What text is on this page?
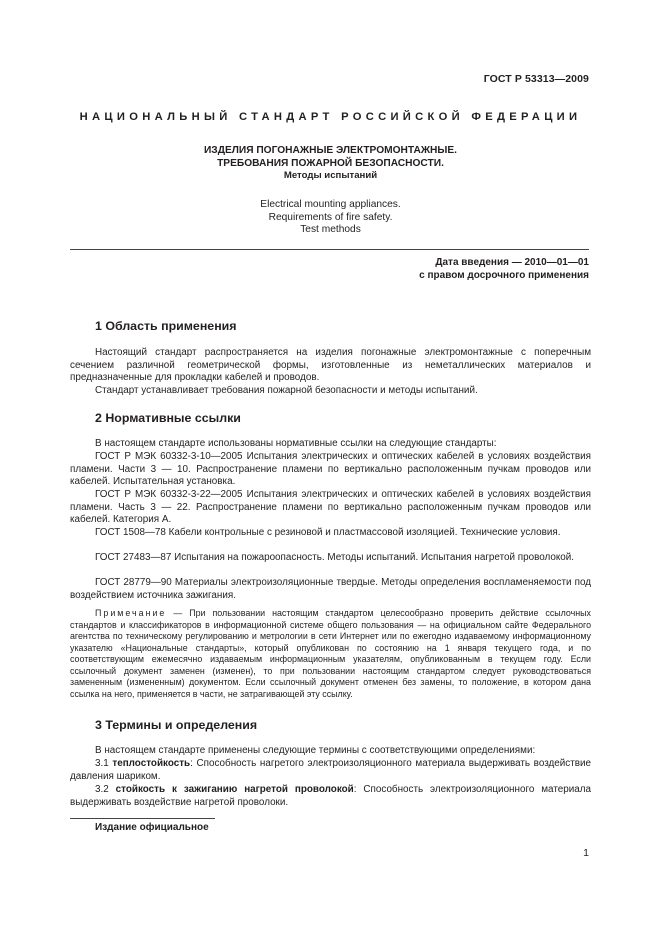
ГОСТ Р 53313—2009
НАЦИОНАЛЬНЫЙ СТАНДАРТ РОССИЙСКОЙ ФЕДЕРАЦИИ
ИЗДЕЛИЯ ПОГОНАЖНЫЕ ЭЛЕКТРОМОНТАЖНЫЕ.
ТРЕБОВАНИЯ ПОЖАРНОЙ БЕЗОПАСНОСТИ.
Методы испытаний
Electrical mounting appliances.
Requirements of fire safety.
Test methods
Дата введения — 2010—01—01
с правом досрочного применения
1 Область применения
Настоящий стандарт распространяется на изделия погонажные электромонтажные с поперечным сечением различной геометрической формы, изготовленные из неметаллических материалов и предназначенные для прокладки кабелей и проводов.
Стандарт устанавливает требования пожарной безопасности и методы испытаний.
2 Нормативные ссылки
В настоящем стандарте использованы нормативные ссылки на следующие стандарты:
ГОСТ Р МЭК 60332-3-10—2005 Испытания электрических и оптических кабелей в условиях воздействия пламени. Части 3 — 10. Распространение пламени по вертикально расположенным пучкам проводов или кабелей. Испытательная установка.
ГОСТ Р МЭК 60332-3-22—2005 Испытания электрических и оптических кабелей в условиях воздействия пламени. Часть 3 — 22. Распространение пламени по вертикально расположенным пучкам проводов или кабелей. Категория А.
ГОСТ 1508—78 Кабели контрольные с резиновой и пластмассовой изоляцией. Технические условия.
ГОСТ 27483—87 Испытания на пожароопасность. Методы испытаний. Испытания нагретой проволокой.
ГОСТ 28779—90 Материалы электроизоляционные твердые. Методы определения воспламеняемости под воздействием источника зажигания.
Примечание — При пользовании настоящим стандартом целесообразно проверить действие ссылочных стандартов и классификаторов в информационной системе общего пользования — на официальном сайте Федерального агентства по техническому регулированию и метрологии в сети Интернет или по ежегодно издаваемому информационному указателю «Национальные стандарты», который опубликован по состоянию на 1 января текущего года, и по соответствующим ежемесячно издаваемым информационным указателям, опубликованным в текущем году. Если ссылочный документ заменен (изменен), то при пользовании настоящим стандартом следует руководствоваться замененным (измененным) документом. Если ссылочный документ отменен без замены, то положение, в котором дана ссылка на него, применяется в части, не затрагивающей эту ссылку.
3 Термины и определения
В настоящем стандарте применены следующие термины с соответствующими определениями:
3.1 теплостойкость: Способность нагретого электроизоляционного материала выдерживать воздействие давления шариком.
3.2 стойкость к зажиганию нагретой проволокой: Способность электроизоляционного материала выдерживать воздействие нагретой проволоки.
Издание официальное
1
